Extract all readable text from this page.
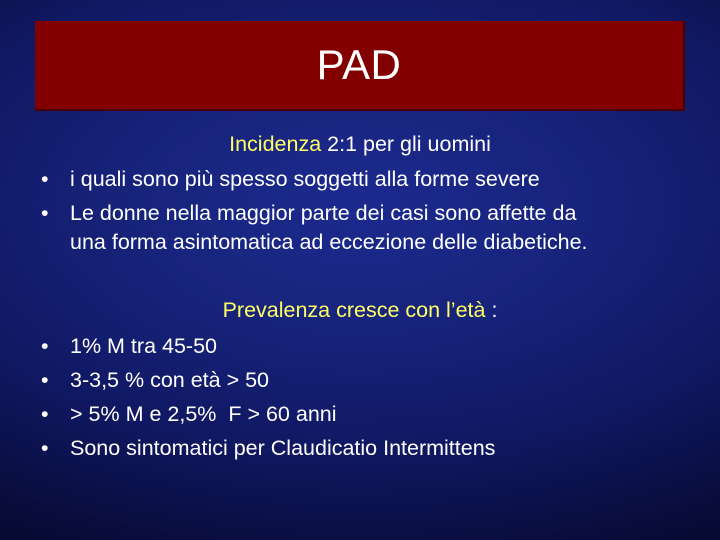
PAD
Incidenza 2:1 per gli uomini
• i quali sono più spesso soggetti alla forme severe
• Le donne nella maggior parte dei casi sono affette da
una forma asintomatica ad eccezione delle diabetiche.
Prevalenza cresce con l’età :
• 1% M tra 45-50
• 3-3,5 % con età > 50
• > 5% M e 2,5%  F > 60 anni
• Sono sintomatici per Claudicatio Intermittens
